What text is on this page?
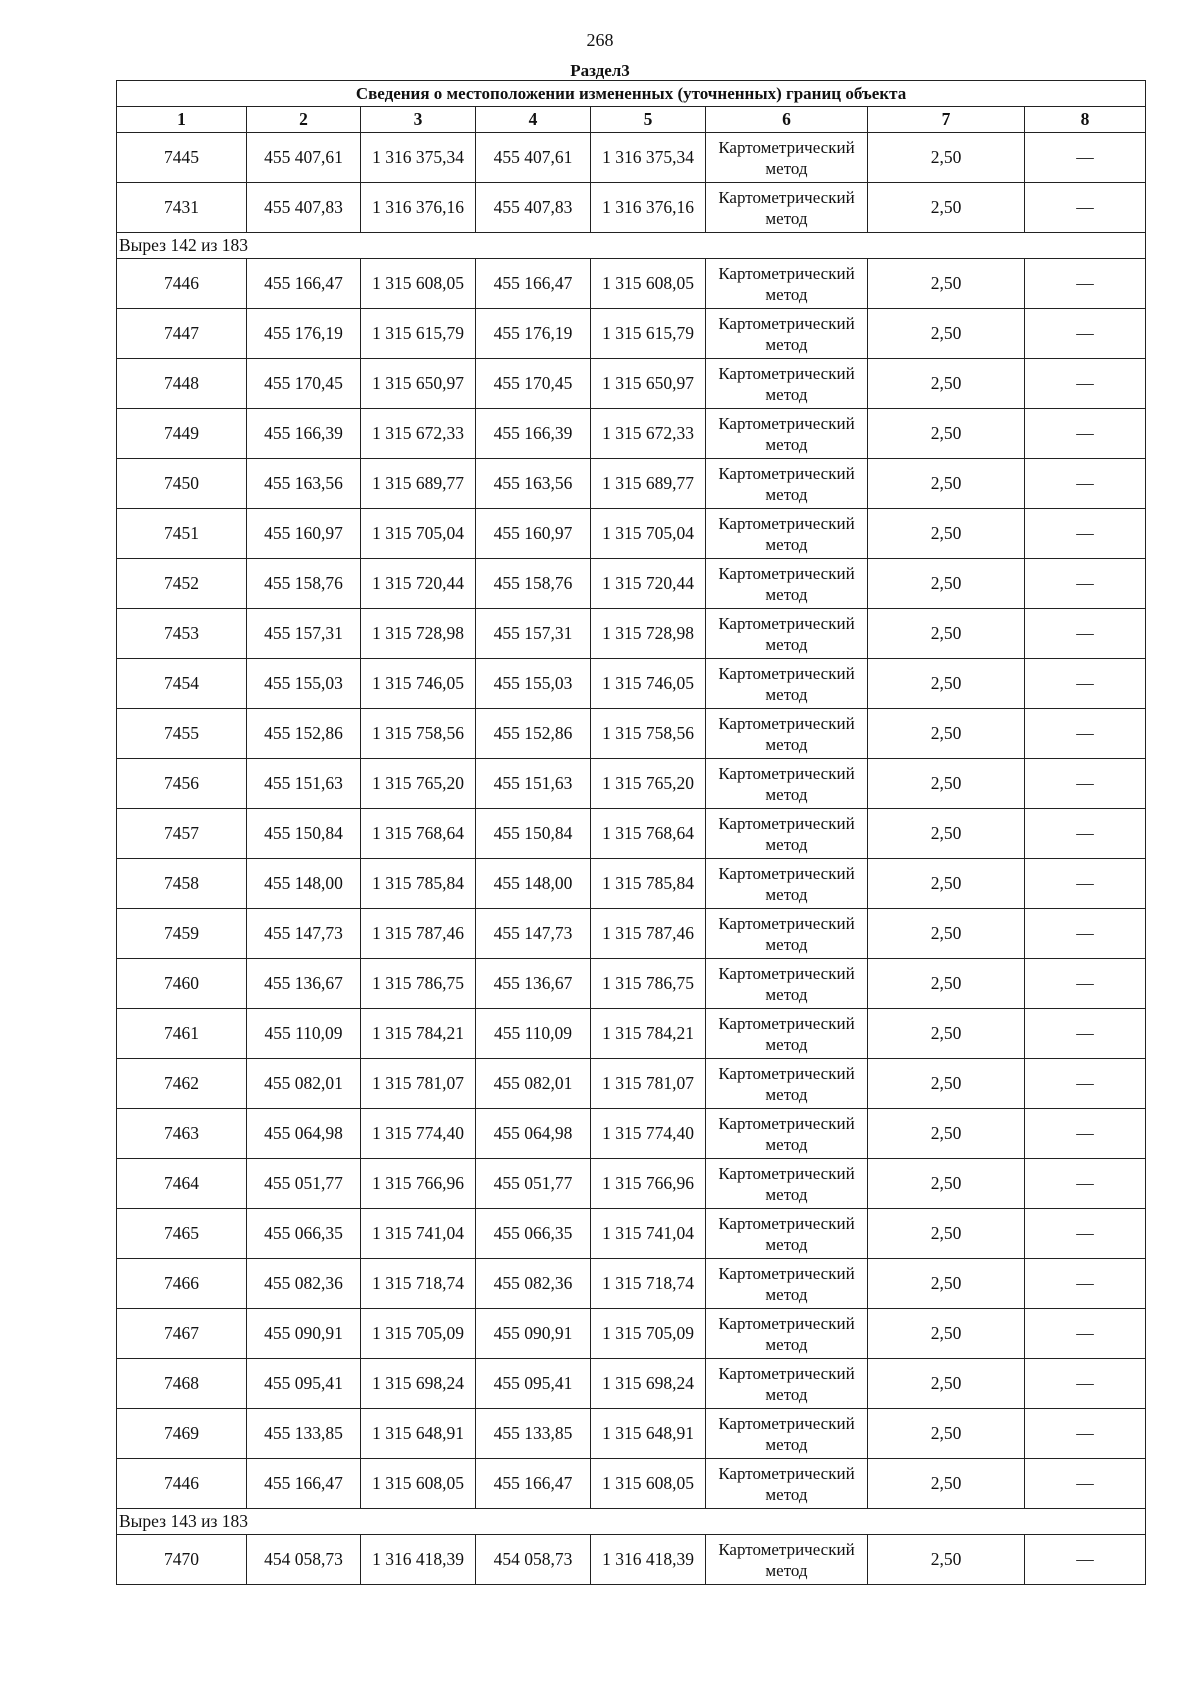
268
Раздел3
Сведения о местоположении измененных (уточненных) границ объекта							
1	2	3	4	5	6	7	8
7445	455 407,61	1 316 375,34	455 407,61	1 316 375,34	Картометрический метод	2,50	—
7431	455 407,83	1 316 376,16	455 407,83	1 316 376,16	Картометрический метод	2,50	—
Вырез 142 из 183							
7446	455 166,47	1 315 608,05	455 166,47	1 315 608,05	Картометрический метод	2,50	—
7447	455 176,19	1 315 615,79	455 176,19	1 315 615,79	Картометрический метод	2,50	—
7448	455 170,45	1 315 650,97	455 170,45	1 315 650,97	Картометрический метод	2,50	—
7449	455 166,39	1 315 672,33	455 166,39	1 315 672,33	Картометрический метод	2,50	—
7450	455 163,56	1 315 689,77	455 163,56	1 315 689,77	Картометрический метод	2,50	—
7451	455 160,97	1 315 705,04	455 160,97	1 315 705,04	Картометрический метод	2,50	—
7452	455 158,76	1 315 720,44	455 158,76	1 315 720,44	Картометрический метод	2,50	—
7453	455 157,31	1 315 728,98	455 157,31	1 315 728,98	Картометрический метод	2,50	—
7454	455 155,03	1 315 746,05	455 155,03	1 315 746,05	Картометрический метод	2,50	—
7455	455 152,86	1 315 758,56	455 152,86	1 315 758,56	Картометрический метод	2,50	—
7456	455 151,63	1 315 765,20	455 151,63	1 315 765,20	Картометрический метод	2,50	—
7457	455 150,84	1 315 768,64	455 150,84	1 315 768,64	Картометрический метод	2,50	—
7458	455 148,00	1 315 785,84	455 148,00	1 315 785,84	Картометрический метод	2,50	—
7459	455 147,73	1 315 787,46	455 147,73	1 315 787,46	Картометрический метод	2,50	—
7460	455 136,67	1 315 786,75	455 136,67	1 315 786,75	Картометрический метод	2,50	—
7461	455 110,09	1 315 784,21	455 110,09	1 315 784,21	Картометрический метод	2,50	—
7462	455 082,01	1 315 781,07	455 082,01	1 315 781,07	Картометрический метод	2,50	—
7463	455 064,98	1 315 774,40	455 064,98	1 315 774,40	Картометрический метод	2,50	—
7464	455 051,77	1 315 766,96	455 051,77	1 315 766,96	Картометрический метод	2,50	—
7465	455 066,35	1 315 741,04	455 066,35	1 315 741,04	Картометрический метод	2,50	—
7466	455 082,36	1 315 718,74	455 082,36	1 315 718,74	Картометрический метод	2,50	—
7467	455 090,91	1 315 705,09	455 090,91	1 315 705,09	Картометрический метод	2,50	—
7468	455 095,41	1 315 698,24	455 095,41	1 315 698,24	Картометрический метод	2,50	—
7469	455 133,85	1 315 648,91	455 133,85	1 315 648,91	Картометрический метод	2,50	—
7446	455 166,47	1 315 608,05	455 166,47	1 315 608,05	Картометрический метод	2,50	—
Вырез 143 из 183							
7470	454 058,73	1 316 418,39	454 058,73	1 316 418,39	Картометрический метод	2,50	—
